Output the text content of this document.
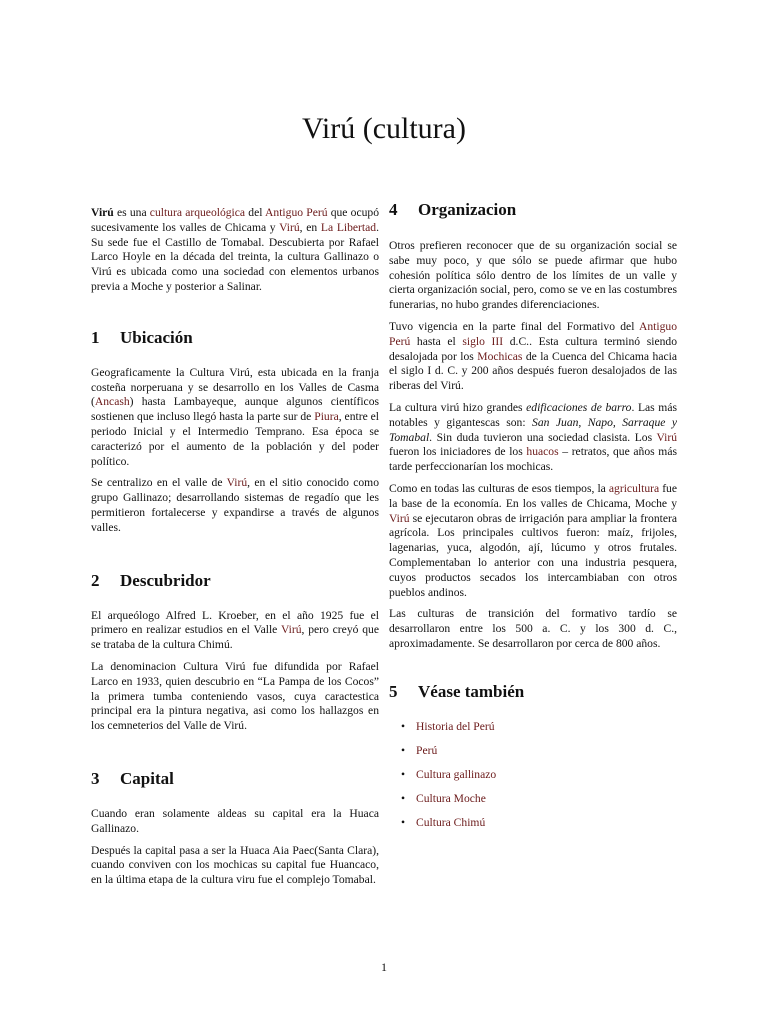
Virú (cultura)

Virú es una cultura arqueológica del Antiguo Perú que ocupó sucesivamente los valles de Chicama y Virú, en La Libertad. Su sede fue el Castillo de Tomabal. Descubierta por Rafael Larco Hoyle en la década del treinta, la cultura Gallinazo o Virú es ubicada como una sociedad con elementos urbanos previa a Moche y posterior a Salinar.

1 Ubicación

Geograficamente la Cultura Virú, esta ubicada en la franja costeña norperuana y se desarrollo en los Valles de Casma (Ancash) hasta Lambayeque, aunque algunos científicos sostienen que incluso llegó hasta la parte sur de Piura, entre el periodo Inicial y el Intermedio Temprano. Esa época se caracterizó por el aumento de la población y del poder político.

Se centralizo en el valle de Virú, en el sitio conocido como grupo Gallinazo; desarrollando sistemas de regadío que les permitieron fortalecerse y expandirse a través de algunos valles.

2 Descubridor

El arqueólogo Alfred L. Kroeber, en el año 1925 fue el primero en realizar estudios en el Valle Virú, pero creyó que se trataba de la cultura Chimú.

La denominacion Cultura Virú fue difundida por Rafael Larco en 1933, quien descubrio en “La Pampa de los Cocos” la primera tumba conteniendo vasos, cuya caractestica principal era la pintura negativa, asi como los hallazgos en los cemneterios del Valle de Virú.

3 Capital

Cuando eran solamente aldeas su capital era la Huaca Gallinazo.

Después la capital pasa a ser la Huaca Aia Paec(Santa Clara), cuando conviven con los mochicas su capital fue Huancaco, en la última etapa de la cultura viru fue el complejo Tomabal.

4 Organizacion

Otros prefieren reconocer que de su organización social se sabe muy poco, y que sólo se puede afirmar que hubo cohesión política sólo dentro de los límites de un valle y cierta organización social, pero, como se ve en las costumbres funerarias, no hubo grandes diferenciaciones.

Tuvo vigencia en la parte final del Formativo del Antiguo Perú hasta el siglo III d.C.. Esta cultura terminó siendo desalojada por los Mochicas de la Cuenca del Chicama hacia el siglo I d. C. y 200 años después fueron desalojados de las riberas del Virú.

La cultura virú hizo grandes edificaciones de barro. Las más notables y gigantescas son: San Juan, Napo, Sarraque y Tomabal. Sin duda tuvieron una sociedad clasista. Los Virú fueron los iniciadores de los huacos – retratos, que años más tarde perfeccionarían los mochicas.

Como en todas las culturas de esos tiempos, la agricultura fue la base de la economía. En los valles de Chicama, Moche y Virú se ejecutaron obras de irrigación para ampliar la frontera agrícola. Los principales cultivos fueron: maíz, frijoles, lagenarias, yuca, algodón, ají, lúcumo y otros frutales. Complementaban lo anterior con una industria pesquera, cuyos productos secados los intercambiaban con otros pueblos andinos.

Las culturas de transición del formativo tardío se desarrollaron entre los 500 a. C. y los 300 d. C., aproximadamente. Se desarrollaron por cerca de 800 años.

5 Véase también
• Historia del Perú
• Perú
• Cultura gallinazo
• Cultura Moche
• Cultura Chimú
1
